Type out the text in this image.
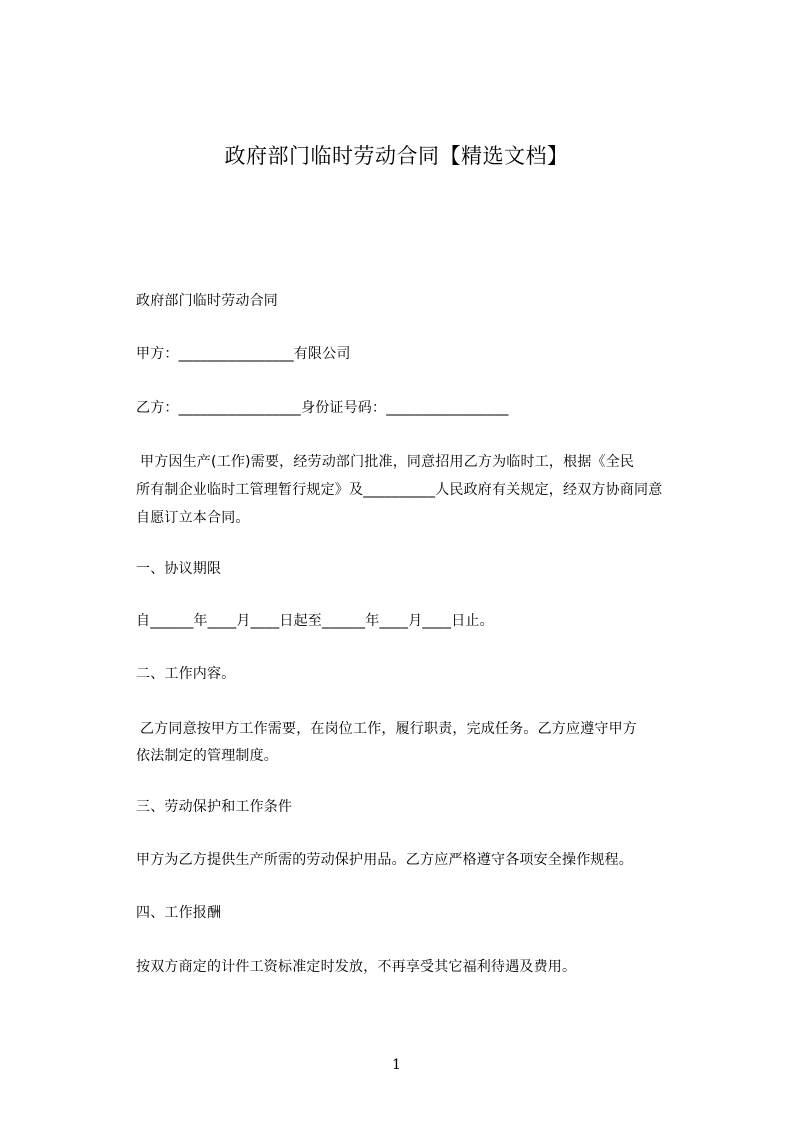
政府部门临时劳动合同【精选文档】
政府部门临时劳动合同
甲方：________________有限公司
乙方：_________________身份证号码：_________________
甲方因生产(工作)需要，经劳动部门批准，同意招用乙方为临时工，根据《全民
所有制企业临时工管理暂行规定》及__________人民政府有关规定，经双方协商同意
自愿订立本合同。
一、协议期限
自______年____月____日起至______年____月____日止。
二、工作内容。
乙方同意按甲方工作需要，在岗位工作，履行职责，完成任务。乙方应遵守甲方
依法制定的管理制度。
三、劳动保护和工作条件
甲方为乙方提供生产所需的劳动保护用品。乙方应严格遵守各项安全操作规程。
四、工作报酬
按双方商定的计件工资标准定时发放，不再享受其它福利待遇及费用。
1
